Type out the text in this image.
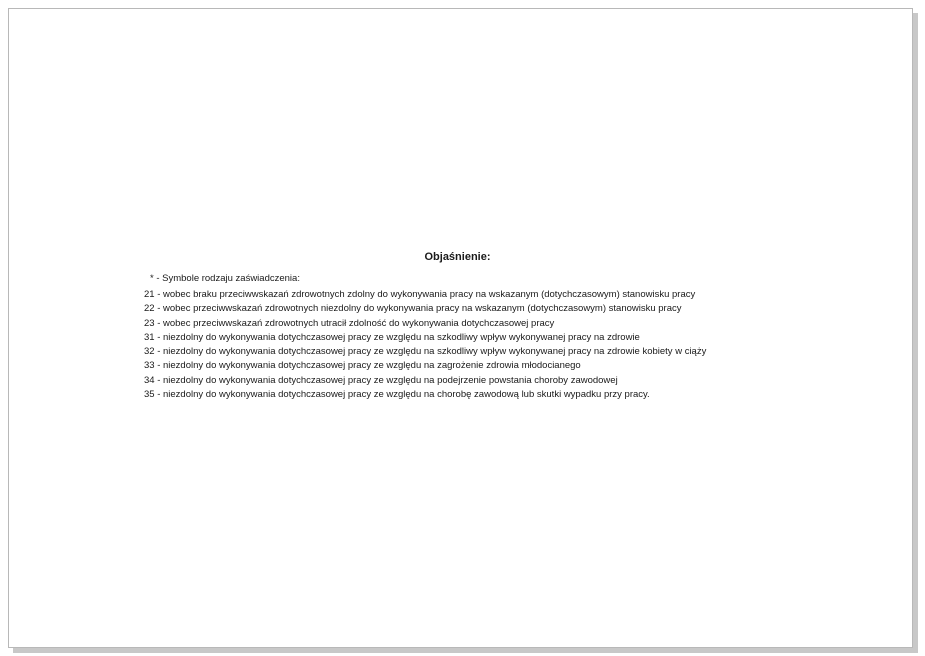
Objaśnienie:
* - Symbole rodzaju zaświadczenia:
21 - wobec braku przeciwwskazań zdrowotnych zdolny do wykonywania pracy na wskazanym (dotychczasowym) stanowisku pracy
22 - wobec przeciwwskazań zdrowotnych niezdolny do wykonywania pracy na wskazanym (dotychczasowym) stanowisku pracy
23 - wobec przeciwwskazań zdrowotnych utracił zdolność do wykonywania dotychczasowej pracy
31 - niezdolny do wykonywania dotychczasowej pracy ze względu na szkodliwy wpływ wykonywanej pracy na zdrowie
32 - niezdolny do wykonywania dotychczasowej pracy ze względu na szkodliwy wpływ wykonywanej pracy na zdrowie kobiety w ciąży
33 - niezdolny do wykonywania dotychczasowej pracy ze względu na zagrożenie zdrowia młodocianego
34 - niezdolny do wykonywania dotychczasowej pracy ze względu na podejrzenie powstania choroby zawodowej
35 - niezdolny do wykonywania dotychczasowej pracy ze względu na chorobę zawodową lub skutki wypadku przy pracy.
